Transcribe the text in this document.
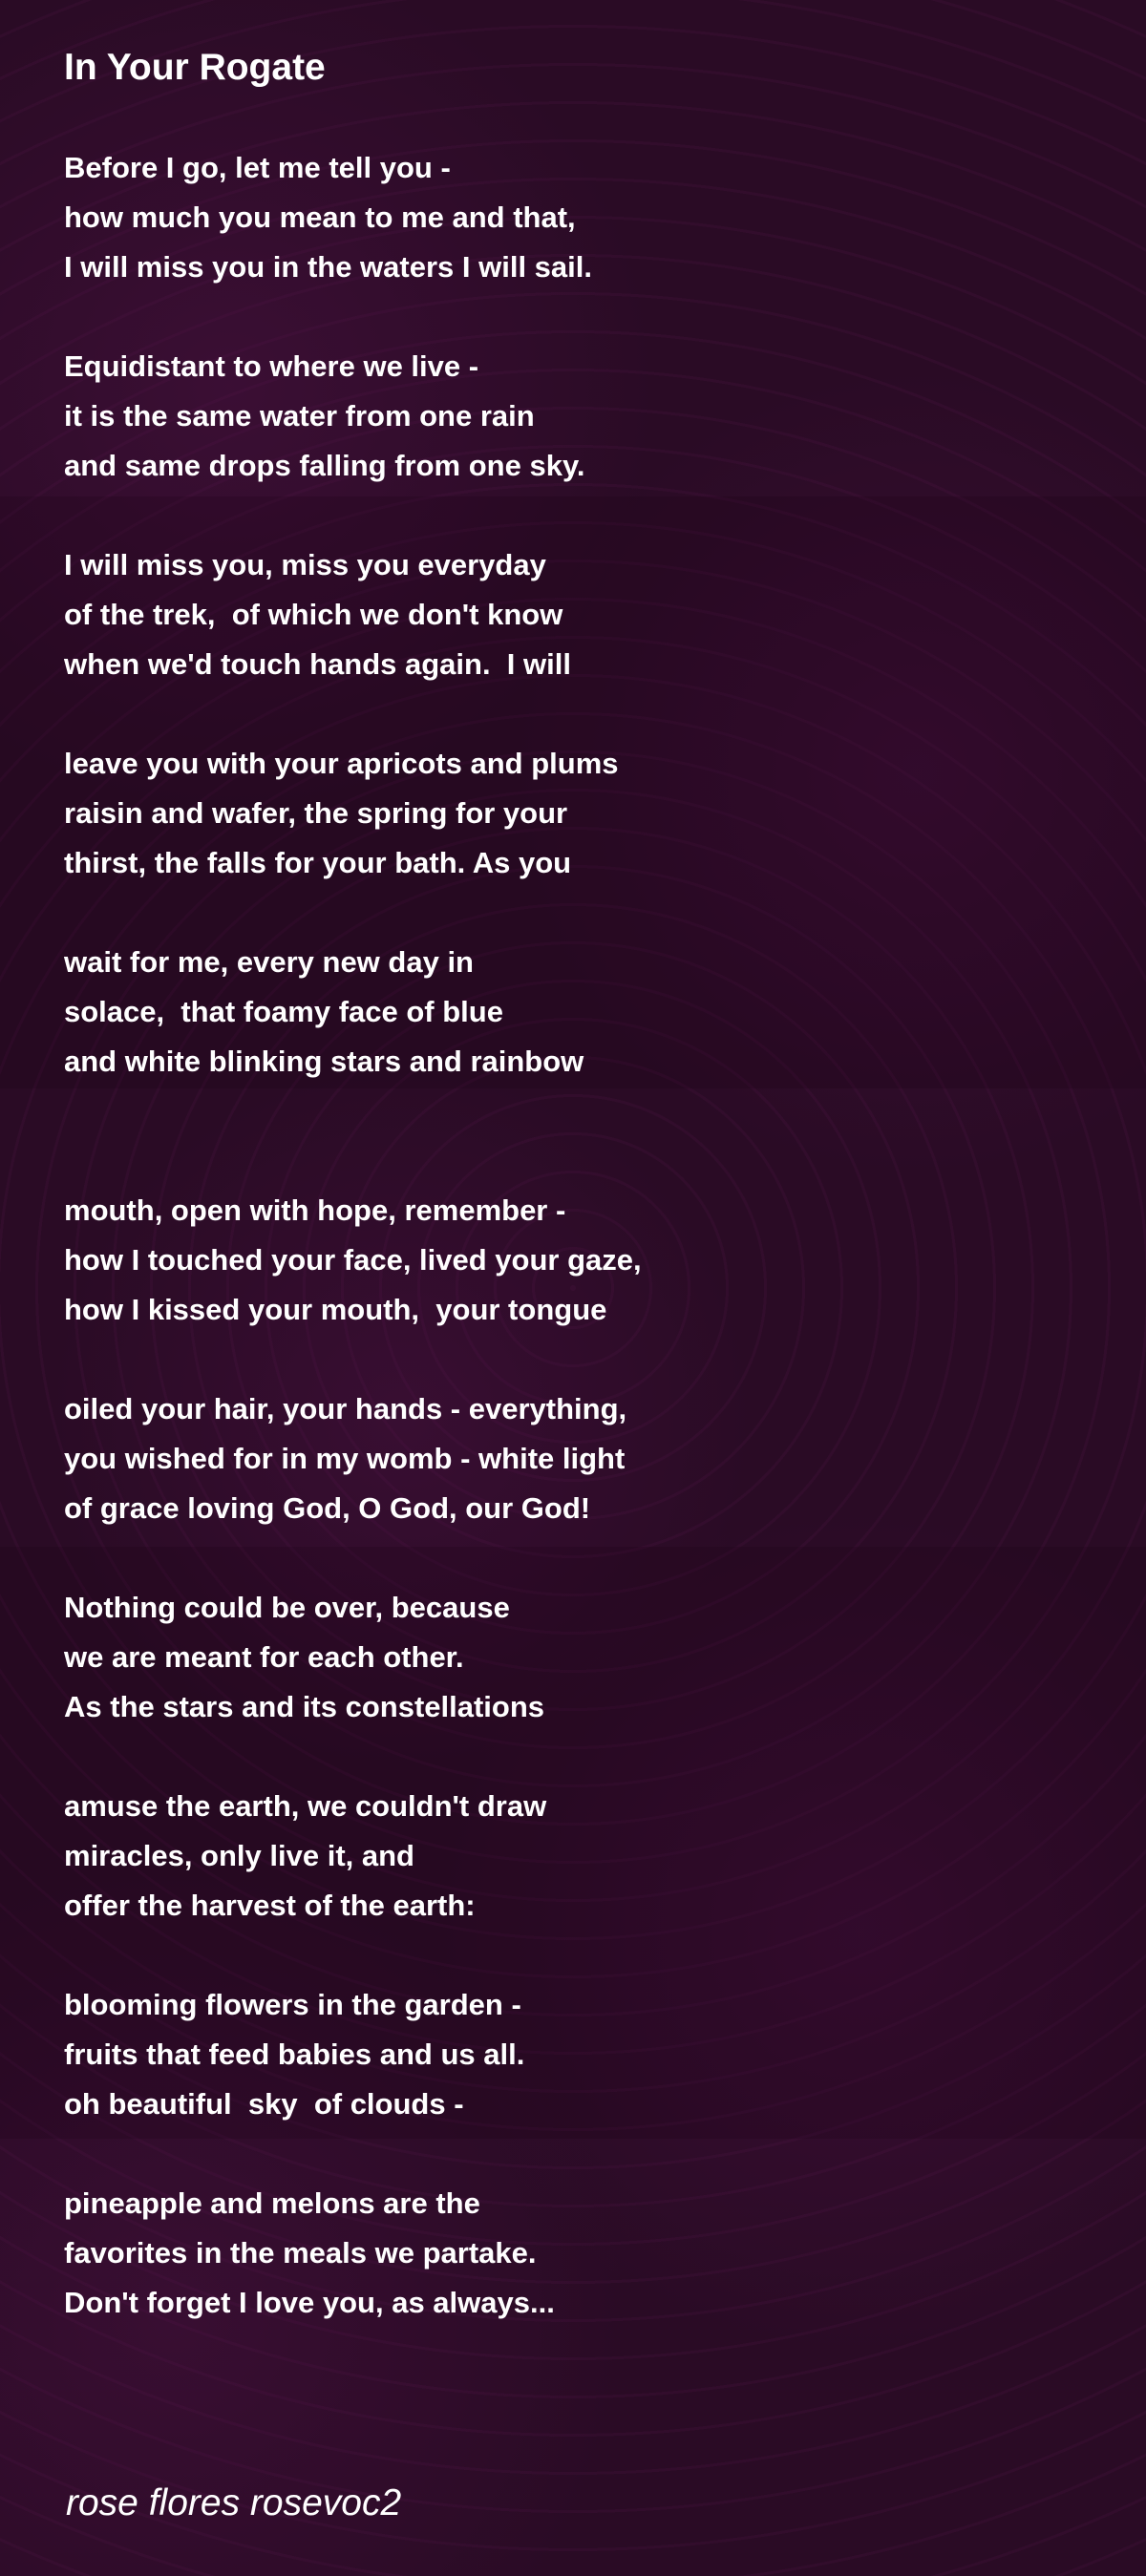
In Your Rogate
Before I go, let me tell you -
how much you mean to me and that,
I will miss you in the waters I will sail.
Equidistant to where we live -
it is the same water from one rain
and same drops falling from one sky.
I will miss you, miss you everyday
of the trek,  of which we don't know
when we'd touch hands again.  I will
leave you with your apricots and plums
raisin and wafer, the spring for your
thirst, the falls for your bath. As you
wait for me, every new day in
solace,  that foamy face of blue
and white blinking stars and rainbow
mouth, open with hope, remember -
how I touched your face, lived your gaze,
how I kissed your mouth,  your tongue
oiled your hair, your hands - everything,
you wished for in my womb - white light
of grace loving God, O God, our God!
Nothing could be over, because
we are meant for each other.
As the stars and its constellations
amuse the earth, we couldn't draw
miracles, only live it, and
offer the harvest of the earth:
blooming flowers in the garden -
fruits that feed babies and us all.
oh beautiful  sky  of clouds -
pineapple and melons are the
favorites in the meals we partake.
Don't forget I love you, as always...
rose flores rosevoc2
